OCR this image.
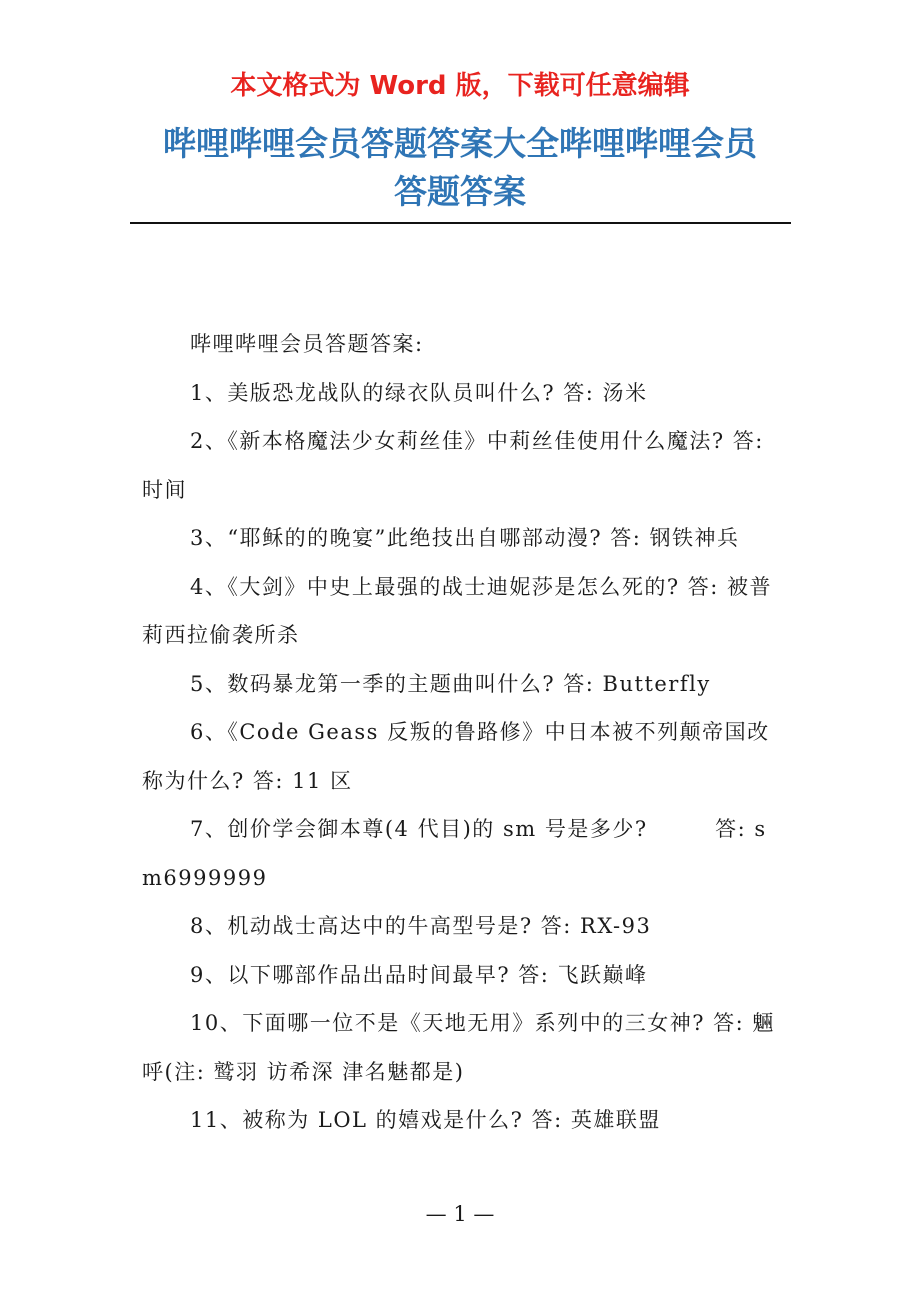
本文格式为 Word 版，下载可任意编辑
哔哩哔哩会员答题答案大全哔哩哔哩会员
答题答案

哔哩哔哩会员答题答案:

1、美版恐龙战队的绿衣队员叫什么? 答: 汤米

2、《新本格魔法少女莉丝佳》中莉丝佳使用什么魔法? 答: 时间

3、“耶稣的的晚宴”此绝技出自哪部动漫? 答: 钢铁神兵

4、《大剑》中史上最强的战士迪妮莎是怎么死的? 答: 被普莉西拉偷袭所杀

5、数码暴龙第一季的主题曲叫什么? 答: Butterfly

6、《Code Geass 反叛的鲁路修》中日本被不列颠帝国改称为什么? 答: 11 区

7、创价学会御本尊(4 代目)的 sm 号是多少?　　　答: sm6999999

8、机动战士高达中的牛高型号是? 答: RX-93

9、以下哪部作品出品时间最早? 答: 飞跃巅峰

10、下面哪一位不是《天地无用》系列中的三女神? 答: 魎呼(注: 鹫羽 访希深 津名魅都是)

11、被称为 LOL 的嬉戏是什么? 答: 英雄联盟

— 1 —
